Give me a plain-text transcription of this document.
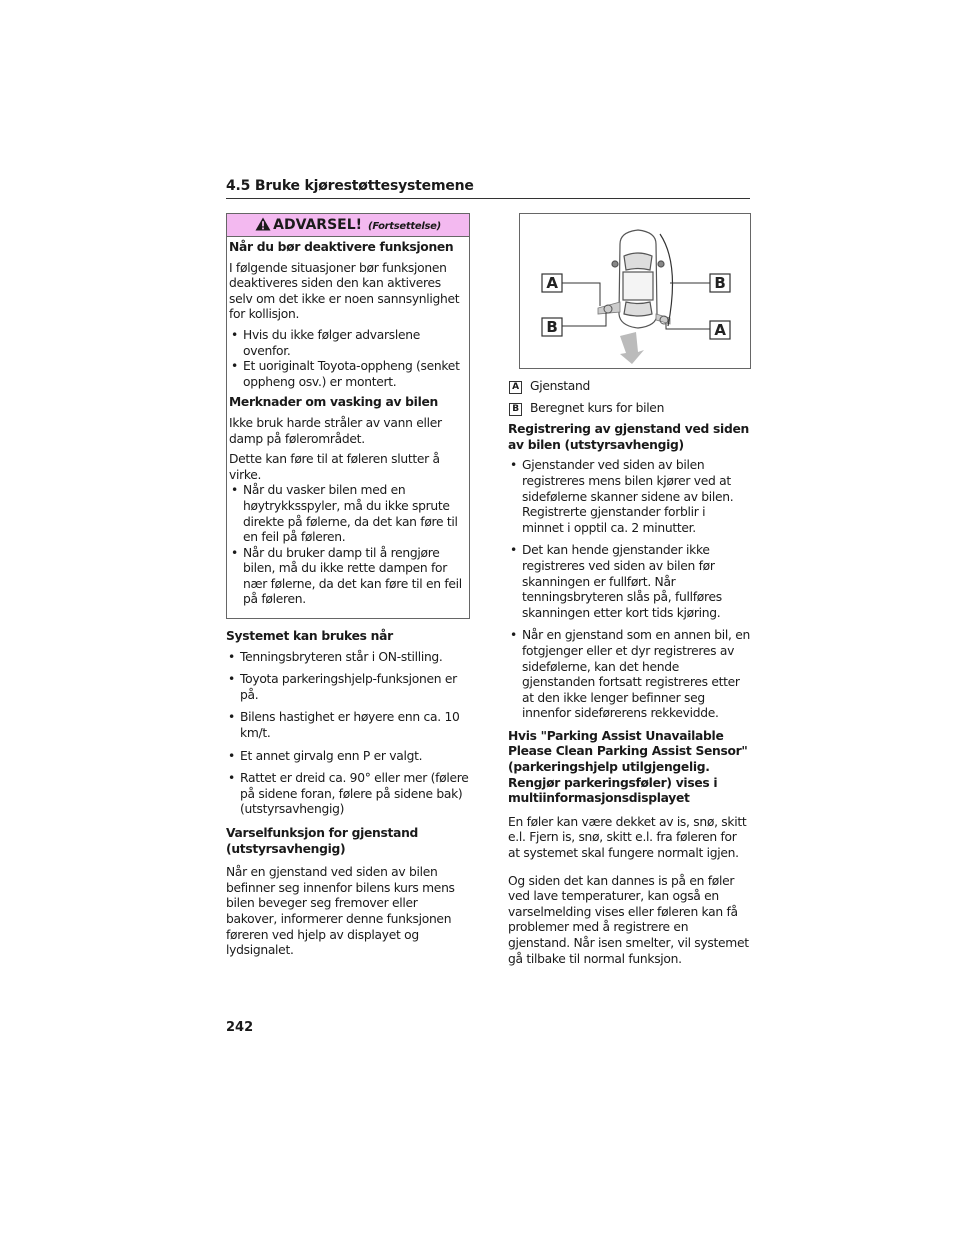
4.5 Bruke kjørestøttesystemene
ADVARSEL! (Fortsettelse)
Når du bør deaktivere funksjonen

I følgende situasjoner bør funksjonen deaktiveres siden den kan aktiveres selv om det ikke er noen sannsynlighet for kollisjon.

• Hvis du ikke følger advarslene ovenfor.
• Et uoriginalt Toyota-oppheng (senket oppheng osv.) er montert.
Merknader om vasking av bilen

Ikke bruk harde stråler av vann eller damp på følerområdet.

Dette kan føre til at føleren slutter å virke.

• Når du vasker bilen med en høytrykksspyler, må du ikke sprute direkte på følerne, da det kan føre til en feil på føleren.
• Når du bruker damp til å rengjøre bilen, må du ikke rette dampen for nær følerne, da det kan føre til en feil på føleren.
Systemet kan brukes når
• Tenningsbryteren står i ON-stilling.
• Toyota parkeringshjelp-funksjonen er på.
• Bilens hastighet er høyere enn ca. 10 km/t.
• Et annet girvalg enn P er valgt.
• Rattet er dreid ca. 90° eller mer (følere på sidene foran, følere på sidene bak) (utstyrsavhengig)
Varselfunksjon for gjenstand (utstyrsavhengig)

Når en gjenstand ved siden av bilen befinner seg innenfor bilens kurs mens bilen beveger seg fremover eller bakover, informerer denne funksjonen føreren ved hjelp av displayet og lydsignalet.

A	B
B	A
A Gjenstand
B Beregnet kurs for bilen
Registrering av gjenstand ved siden av bilen (utstyrsavhengig)
• Gjenstander ved siden av bilen registreres mens bilen kjører ved at sidefølerne skanner sidene av bilen. Registrerte gjenstander forblir i minnet i opptil ca. 2 minutter.
• Det kan hende gjenstander ikke registreres ved siden av bilen før skanningen er fullført. Når tenningsbryteren slås på, fullføres skanningen etter kort tids kjøring.
• Når en gjenstand som en annen bil, en fotgjenger eller et dyr registreres av sidefølerne, kan det hende gjenstanden fortsatt registreres etter at den ikke lenger befinner seg innenfor sideførerens rekkevidde.
Hvis "Parking Assist Unavailable Please Clean Parking Assist Sensor" (parkeringshjelp utilgjengelig. Rengjør parkeringsføler) vises i multiinformasjonsdisplayet

En føler kan være dekket av is, snø, skitt e.l. Fjern is, snø, skitt e.l. fra føleren for at systemet skal fungere normalt igjen.

Og siden det kan dannes is på en føler ved lave temperaturer, kan også en varselmelding vises eller føleren kan få problemer med å registrere en gjenstand. Når isen smelter, vil systemet gå tilbake til normal funksjon.

242
